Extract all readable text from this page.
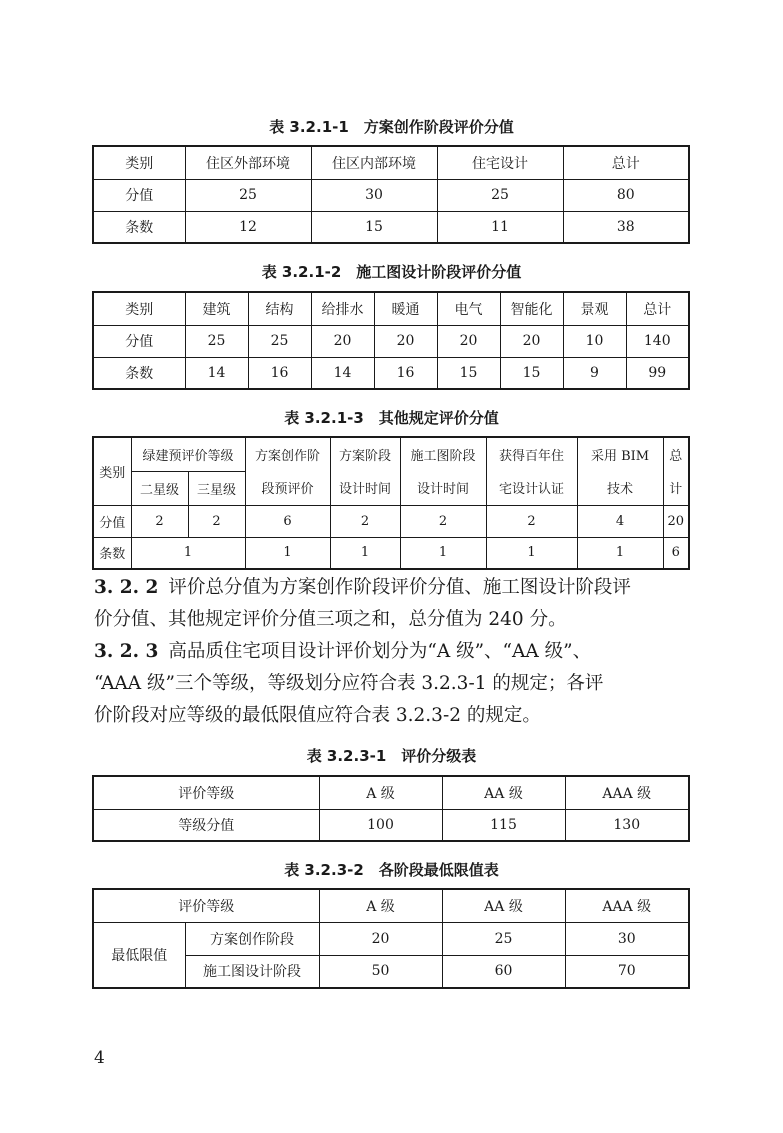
表 3.2.1-1　方案创作阶段评价分值
类别	住区外部环境	住区内部环境	住宅设计	总计
分值	25	30	25	80
条数	12	15	11	38
表 3.2.1-2　施工图设计阶段评价分值
类别	建筑	结构	给排水	暖通	电气	智能化	景观	总计
分值	25	25	20	20	20	20	10	140
条数	14	16	14	16	15	15	9	99
表 3.2.1-3　其他规定评价分值
类别	绿建预评价等级		方案创作阶	方案阶段	施工图阶段	获得百年住	采用 BIM	总
	二星级	三星级	段预评价	设计时间	设计时间	宅设计认证	技术	计
分值	2	2	6	2	2	2	4	20
条数	1		1	1	1	1	1	6
3. 2. 2 评价总分值为方案创作阶段评价分值、施工图设计阶段评
价分值、其他规定评价分值三项之和，总分值为 240 分。
3. 2. 3 高品质住宅项目设计评价划分为“A 级”、“AA 级”、
“AAA 级”三个等级，等级划分应符合表 3.2.3-1 的规定；各评
价阶段对应等级的最低限值应符合表 3.2.3-2 的规定。
表 3.2.3-1　评价分级表
评价等级	A 级	AA 级	AAA 级
等级分值	100	115	130
表 3.2.3-2　各阶段最低限值表
评价等级		A 级	AA 级	AAA 级
最低限值	方案创作阶段	20	25	30
	施工图设计阶段	50	60	70
4
